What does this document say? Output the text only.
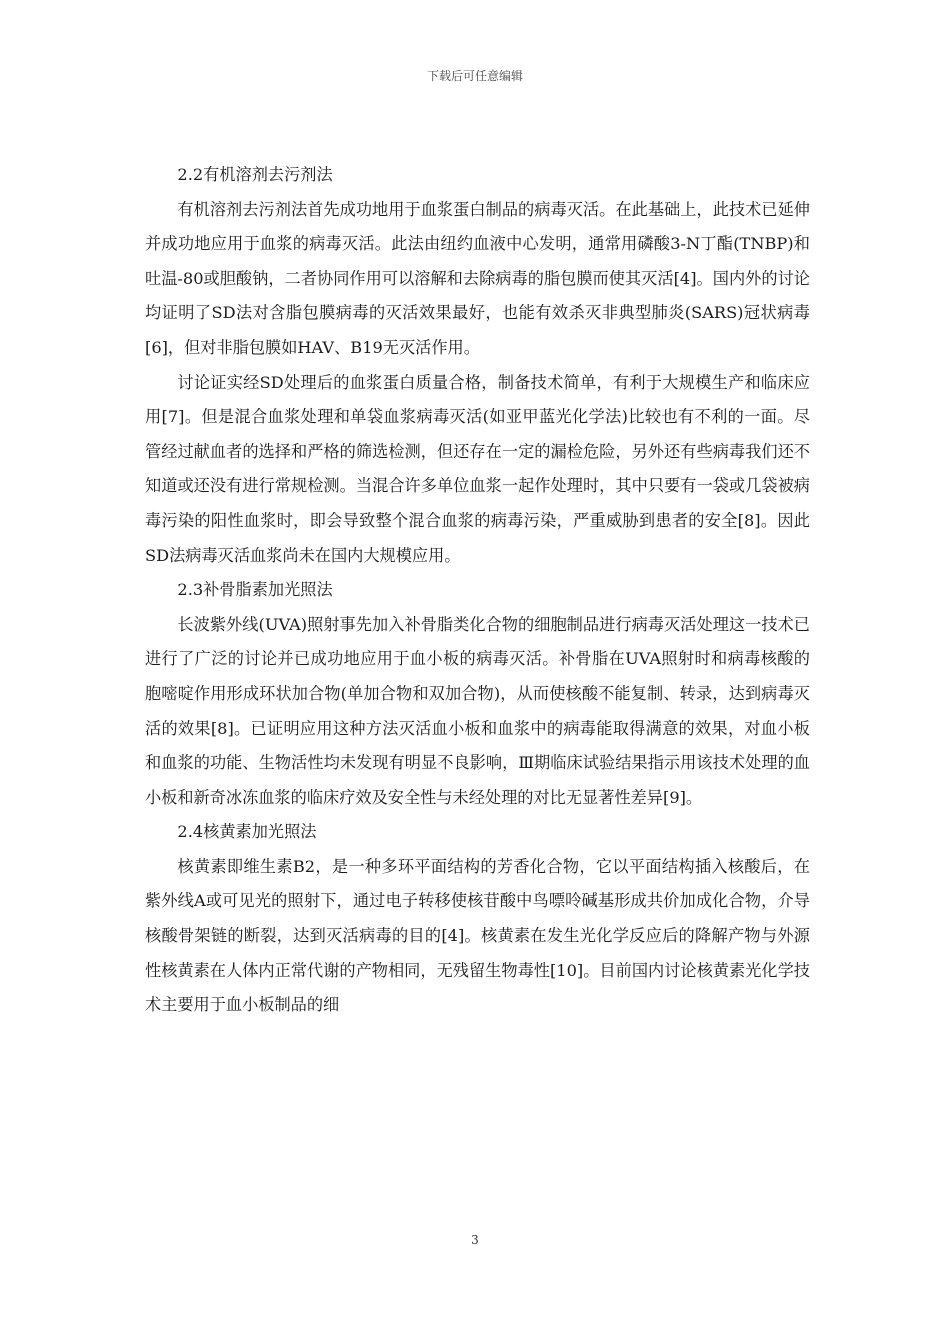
下载后可任意编辑

2.2有机溶剂去污剂法

有机溶剂去污剂法首先成功地用于血浆蛋白制品的病毒灭活。在此基础上，此技术已延伸并成功地应用于血浆的病毒灭活。此法由纽约血液中心发明，通常用磷酸3-N丁酯(TNBP)和吐温-80或胆酸钠，二者协同作用可以溶解和去除病毒的脂包膜而使其灭活[4]。国内外的讨论均证明了SD法对含脂包膜病毒的灭活效果最好，也能有效杀灭非典型肺炎(SARS)冠状病毒[6]，但对非脂包膜如HAV、B19无灭活作用。

讨论证实经SD处理后的血浆蛋白质量合格，制备技术简单，有利于大规模生产和临床应用[7]。但是混合血浆处理和单袋血浆病毒灭活(如亚甲蓝光化学法)比较也有不利的一面。尽管经过献血者的选择和严格的筛选检测，但还存在一定的漏检危险，另外还有些病毒我们还不知道或还没有进行常规检测。当混合许多单位血浆一起作处理时，其中只要有一袋或几袋被病毒污染的阳性血浆时，即会导致整个混合血浆的病毒污染，严重威胁到患者的安全[8]。因此SD法病毒灭活血浆尚未在国内大规模应用。

2.3补骨脂素加光照法

长波紫外线(UVA)照射事先加入补骨脂类化合物的细胞制品进行病毒灭活处理这一技术已进行了广泛的讨论并已成功地应用于血小板的病毒灭活。补骨脂在UVA照射时和病毒核酸的胞嘧啶作用形成环状加合物(单加合物和双加合物)，从而使核酸不能复制、转录，达到病毒灭活的效果[8]。已证明应用这种方法灭活血小板和血浆中的病毒能取得满意的效果，对血小板和血浆的功能、生物活性均未发现有明显不良影响，Ⅲ期临床试验结果指示用该技术处理的血小板和新奇冰冻血浆的临床疗效及安全性与未经处理的对比无显著性差异[9]。

2.4核黄素加光照法

核黄素即维生素B2，是一种多环平面结构的芳香化合物，它以平面结构插入核酸后，在紫外线A或可见光的照射下，通过电子转移使核苷酸中鸟嘌呤碱基形成共价加成化合物，介导核酸骨架链的断裂，达到灭活病毒的目的[4]。核黄素在发生光化学反应后的降解产物与外源性核黄素在人体内正常代谢的产物相同，无残留生物毒性[10]。目前国内讨论核黄素光化学技术主要用于血小板制品的细

3
